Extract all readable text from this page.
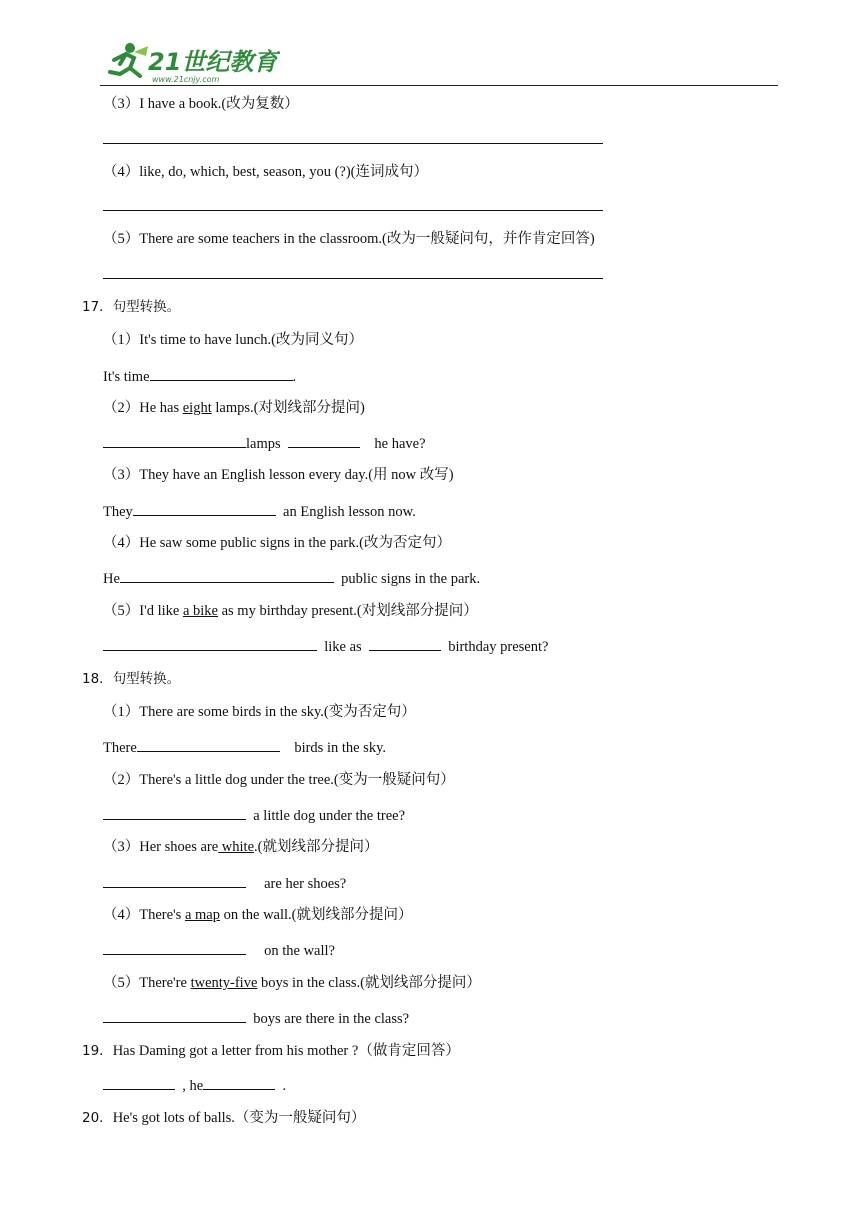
21世纪教育
www.21cnjy.com
（3）I have a book.(改为复数）
（4）like, do, which, best, season, you (?)(连词成句）
（5）There are some teachers in the classroom.(改为一般疑问句，并作肯定回答)
17．句型转换。
（1）It's time to have lunch.(改为同义句）
It's time	.
（2）He has eight lamps.(对划线部分提问)
lamps	he have?
（3）They have an English lesson every day.(用 now 改写)
They	an English lesson now.
（4）He saw some public signs in the park.(改为否定句）
He	public signs in the park.
（5）I'd like a bike as my birthday present.(对划线部分提问）
like as	birthday present?
18．句型转换。
（1）There are some birds in the sky.(变为否定句）
There	birds in the sky.
（2）There's a little dog under the tree.(变为一般疑问句）
a little dog under the tree?
（3）Her shoes are white.(就划线部分提问）
are her shoes?
（4）There's a map on the wall.(就划线部分提问）
on the wall?
（5）There're twenty-five boys in the class.(就划线部分提问）
boys are there in the class?
19．Has Daming got a letter from his mother ?（做肯定回答）
, he	.
20．He's got lots of balls.（变为一般疑问句）
